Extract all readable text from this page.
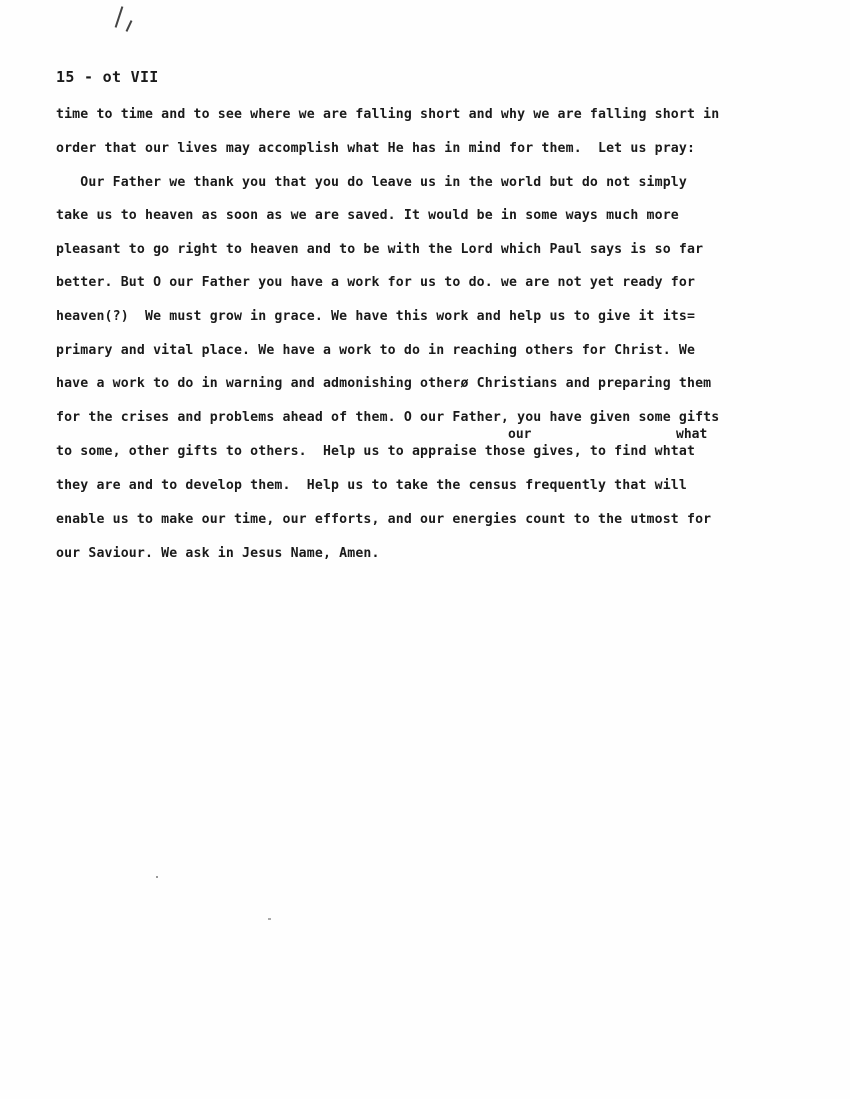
15 - ot VII
time to time and to see where we are falling short and why we are falling short in
order that our lives may accomplish what He has in mind for them.  Let us pray:
Our Father we thank you that you do leave us in the world but do not simply
take us to heaven as soon as we are saved. It would be in some ways much more
pleasant to go right to heaven and to be with the Lord which Paul says is so far
better. But O our Father you have a work for us to do. we are not yet ready for
heaven(?)  We must grow in grace. We have this work and help us to give it its=
primary and vital place. We have a work to do in reaching others for Christ. We
have a work to do in warning and admonishing otherø Christians and preparing them
for the crises and problems ahead of them. O our Father, you have given some gifts
our	what
to some, other gifts to others.  Help us to appraise those gives, to find whtat
they are and to develop them.  Help us to take the census frequently that will
enable us to make our time, our efforts, and our energies count to the utmost for
our Saviour. We ask in Jesus Name, Amen.
